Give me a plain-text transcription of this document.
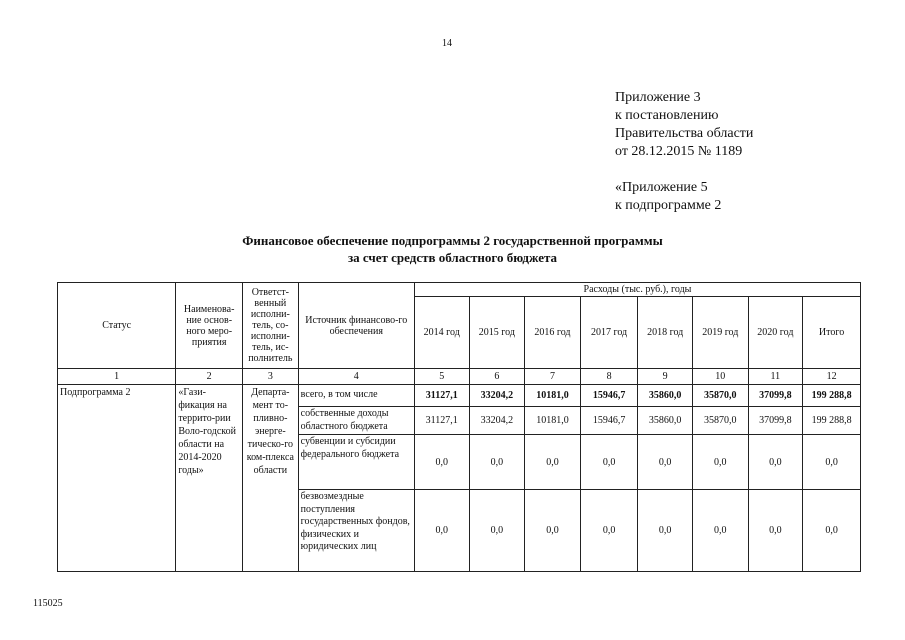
14
Приложение 3
к постановлению
Правительства области
от 28.12.2015 № 1189
«Приложение 5
к подпрограмме 2
Финансовое обеспечение подпрограммы 2 государственной программы
за счет средств областного бюджета
Статус	Наименова-ние основ-ного меро-приятия	Ответст-венный исполни-тель, со-исполни-тель, ис-полнитель	Источник финансово-го обеспечения	Расходы (тыс. руб.), годы							
				2014 год	2015 год	2016 год	2017 год	2018 год	2019 год	2020 год	Итого
1	2	3	4	5	6	7	8	9	10	11	12
Подпрограмма 2	«Гази-фикация на террито-рии Воло-годской области на 2014-2020 годы»	Департа-мент то-пливно-энерге-тическо-го ком-плекса области	всего, в том числе	31127,1	33204,2	10181,0	15946,7	35860,0	35870,0	37099,8	199 288,8
			собственные доходы областного бюджета	31127,1	33204,2	10181,0	15946,7	35860,0	35870,0	37099,8	199 288,8
			субвенции и субсидии федерального бюджета	0,0	0,0	0,0	0,0	0,0	0,0	0,0	0,0
			безвозмездные поступления государственных фондов, физических и юридических лиц	0,0	0,0	0,0	0,0	0,0	0,0	0,0	0,0
115025
